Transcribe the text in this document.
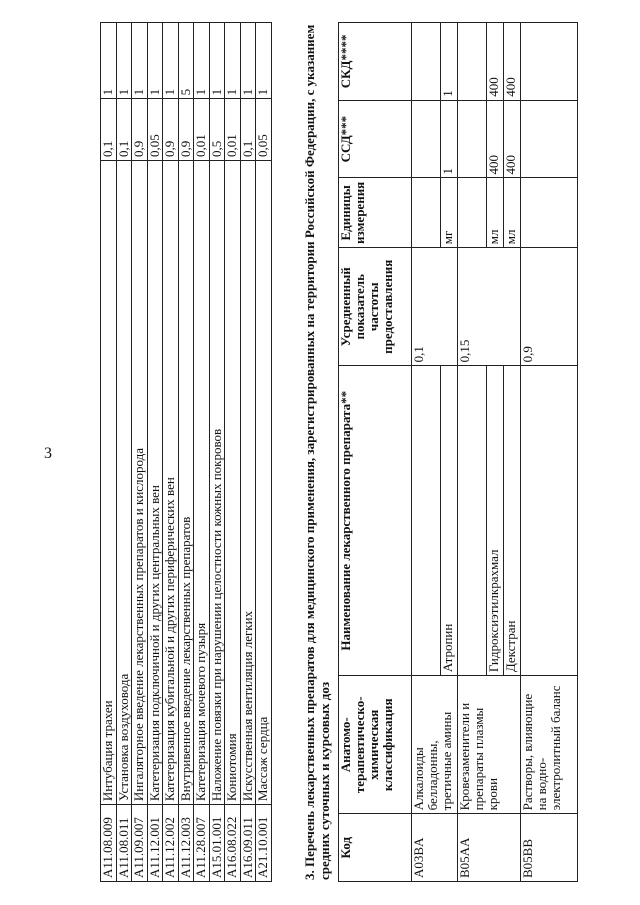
3
A11.08.009	Интубация трахеи	0,1	1
A11.08.011	Установка воздуховода	0,1	1
A11.09.007	Ингаляторное введение лекарственных препаратов и кислорода	0,9	1
A11.12.001	Катетеризация подключичной и других центральных вен	0,05	1
A11.12.002	Катетеризация кубитальной и других периферических вен	0,9	1
A11.12.003	Внутривенное введение лекарственных препаратов	0,9	5
A11.28.007	Катетеризация мочевого пузыря	0,01	1
A15.01.001	Наложение повязки при нарушении целостности кожных покровов	0,5	1
A16.08.022	Кониотомия	0,01	1
A16.09.011	Искусственная вентиляция легких	0,1	1
A21.10.001	Массаж сердца	0,05	1 3. Перечень лекарственных препаратов для медицинского применения, зарегистрированных на территории Российской Федерации, с указанием средних суточных и курсовых доз Код	Анатомо-терапевтическо-химическая классификация	Наименование лекарственного препарата**	Усредненный показатель частоты предоставления	Единицы измерения	ССД***	СКД****
A03BA	Алкалоиды белладонны, третичные амины		0,1			
		Атропин		мг	1	1
B05AA	Кровезаменители и препараты плазмы крови		0,15			
		Гидроксиэтилкрахмал		мл	400	400
		Декстран		мл	400	400
B05BB	Растворы, влияющие на водно-электролитный баланс		0,9			
